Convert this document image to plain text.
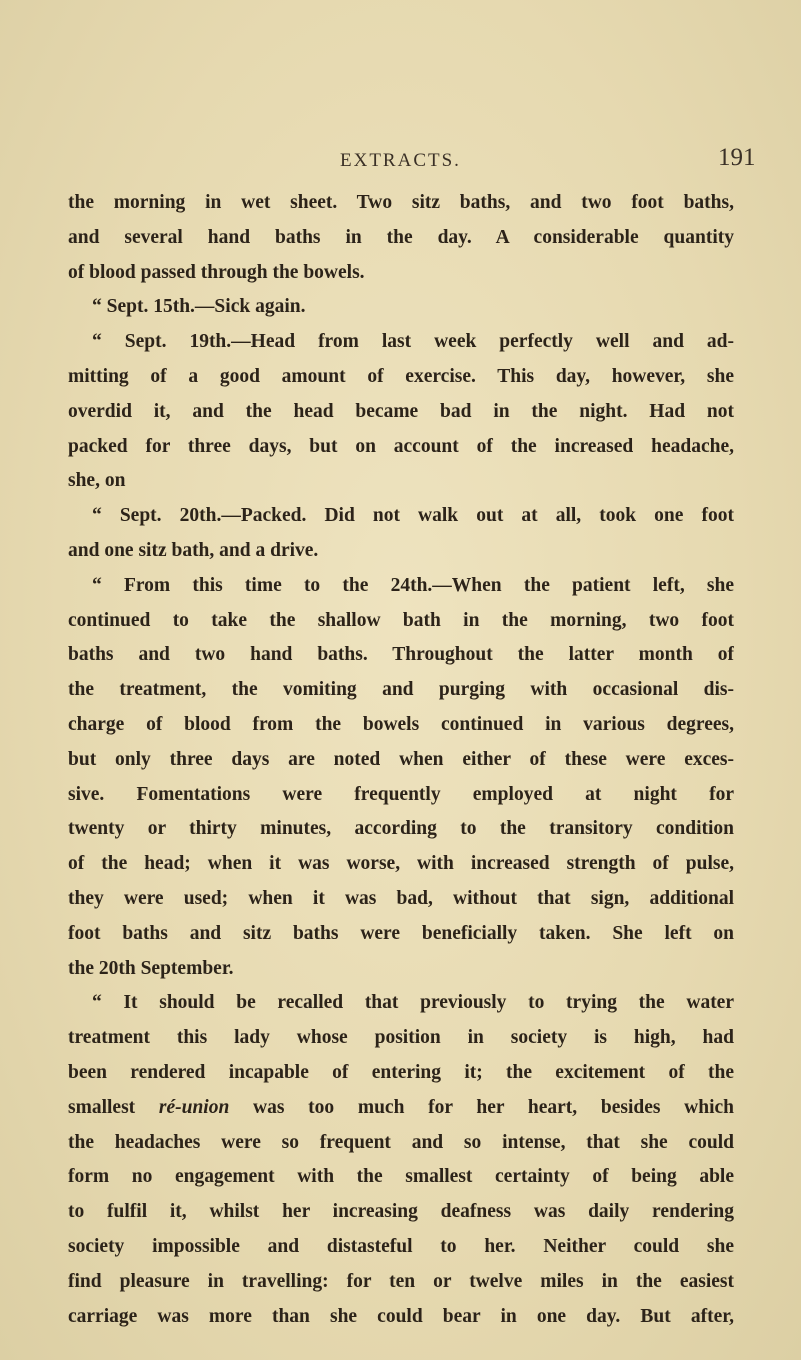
EXTRACTS.	191
the morning in wet sheet. Two sitz baths, and two foot baths,
and several hand baths in the day. A considerable quantity
of blood passed through the bowels.
“ Sept. 15th.—Sick again.
“ Sept. 19th.—Head from last week perfectly well and ad-
mitting of a good amount of exercise. This day, however, she
overdid it, and the head became bad in the night. Had not
packed for three days, but on account of the increased headache,
she, on
“ Sept. 20th.—Packed. Did not walk out at all, took one foot
and one sitz bath, and a drive.
“ From this time to the 24th.—When the patient left, she
continued to take the shallow bath in the morning, two foot
baths and two hand baths. Throughout the latter month of
the treatment, the vomiting and purging with occasional dis-
charge of blood from the bowels continued in various degrees,
but only three days are noted when either of these were exces-
sive. Fomentations were frequently employed at night for
twenty or thirty minutes, according to the transitory condition
of the head; when it was worse, with increased strength of pulse,
they were used; when it was bad, without that sign, additional
foot baths and sitz baths were beneficially taken. She left on
the 20th September.
“ It should be recalled that previously to trying the water
treatment this lady whose position in society is high, had
been rendered incapable of entering it; the excitement of the
smallest ré-union was too much for her heart, besides which
the headaches were so frequent and so intense, that she could
form no engagement with the smallest certainty of being able
to fulfil it, whilst her increasing deafness was daily rendering
society impossible and distasteful to her. Neither could she
find pleasure in travelling: for ten or twelve miles in the easiest
carriage was more than she could bear in one day. But after,
